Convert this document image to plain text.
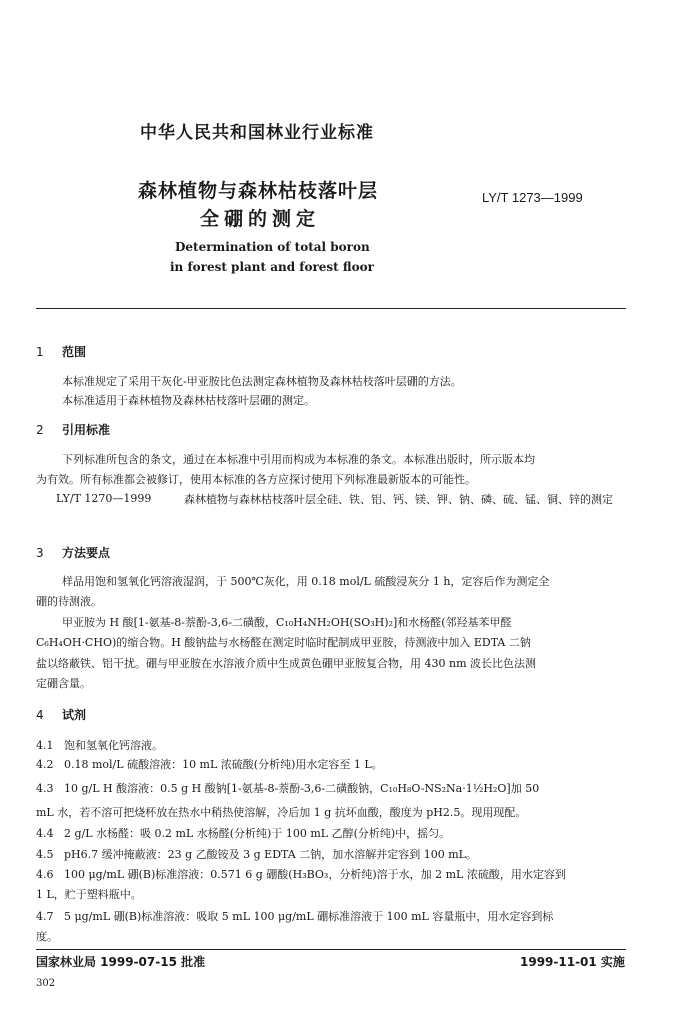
中华人民共和国林业行业标准
森林植物与森林枯枝落叶层
全硼的测定
LY/T 1273—1999
Determination of total boron
in forest plant and forest floor
1 范围
本标准规定了采用干灰化-甲亚胺比色法测定森林植物及森林枯枝落叶层硼的方法。
本标准适用于森林植物及森林枯枝落叶层硼的测定。
2 引用标准
下列标准所包含的条文，通过在本标准中引用而构成为本标准的条文。本标准出版时，所示版本均
为有效。所有标准都会被修订，使用本标准的各方应探讨使用下列标准最新版本的可能性。
LY/T 1270—1999	森林植物与森林枯枝落叶层全硅、铁、铝、钙、镁、钾、钠、磷、硫、锰、铜、锌的测定
3 方法要点
样品用饱和氢氧化钙溶液湿润，于 500℃灰化，用 0.18 mol/L 硫酸浸灰分 1 h，定容后作为测定全
硼的待测液。
甲亚胺为 H 酸[1-氨基-8-萘酚-3,6-二磺酸，C₁₀H₄NH₂OH(SO₃H)₂]和水杨醛(邻羟基苯甲醛
C₆H₄OH·CHO)的缩合物。H 酸钠盐与水杨醛在测定时临时配制成甲亚胺，待测液中加入 EDTA 二钠
盐以络蔽铁、铝干扰。硼与甲亚胺在水溶液介质中生成黄色硼甲亚胺复合物，用 430 nm 波长比色法测
定硼含量。
4 试剂
4.1 饱和氢氧化钙溶液。
4.2 0.18 mol/L 硫酸溶液：10 mL 浓硫酸(分析纯)用水定容至 1 L。
4.3 10 g/L H 酸溶液：0.5 g H 酸钠[1-氨基-8-萘酚-3,6-二磺酸钠，C₁₀H₈O-NS₂Na·1½H₂O]加 50
mL 水，若不溶可把烧杯放在热水中稍热使溶解，冷后加 1 g 抗坏血酸，酸度为 pH2.5。现用现配。
4.4 2 g/L 水杨醛：吸 0.2 mL 水杨醛(分析纯)于 100 mL 乙醇(分析纯)中，摇匀。
4.5 pH6.7 缓冲掩蔽液：23 g 乙酸铵及 3 g EDTA 二钠，加水溶解并定容到 100 mL。
4.6 100 μg/mL 硼(B)标准溶液：0.571 6 g 硼酸(H₃BO₃，分析纯)溶于水，加 2 mL 浓硫酸，用水定容到
1 L，贮于塑料瓶中。
4.7 5 μg/mL 硼(B)标准溶液：吸取 5 mL 100 μg/mL 硼标准溶液于 100 mL 容量瓶中，用水定容到标
度。
国家林业局 1999-07-15 批准	1999-11-01 实施
302
